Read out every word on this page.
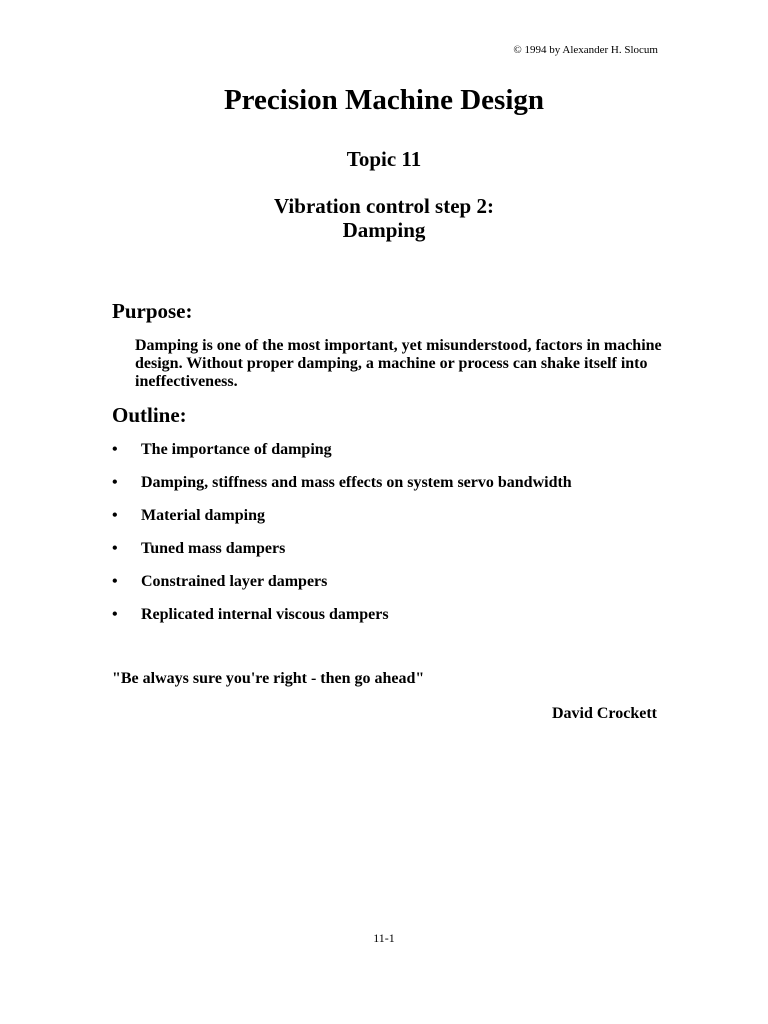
© 1994 by Alexander H. Slocum
Precision Machine Design
Topic 11
Vibration control step 2:
Damping
Purpose:

Damping is one of the most important, yet misunderstood, factors in machine design. Without proper damping, a machine or process can shake itself into ineffectiveness.

Outline:
•	The importance of damping
•	Damping, stiffness and mass effects on system servo bandwidth
•	Material damping
•	Tuned mass dampers
•	Constrained layer dampers
•	Replicated internal viscous dampers
"Be always sure you're right - then go ahead"
David Crockett
11-1
